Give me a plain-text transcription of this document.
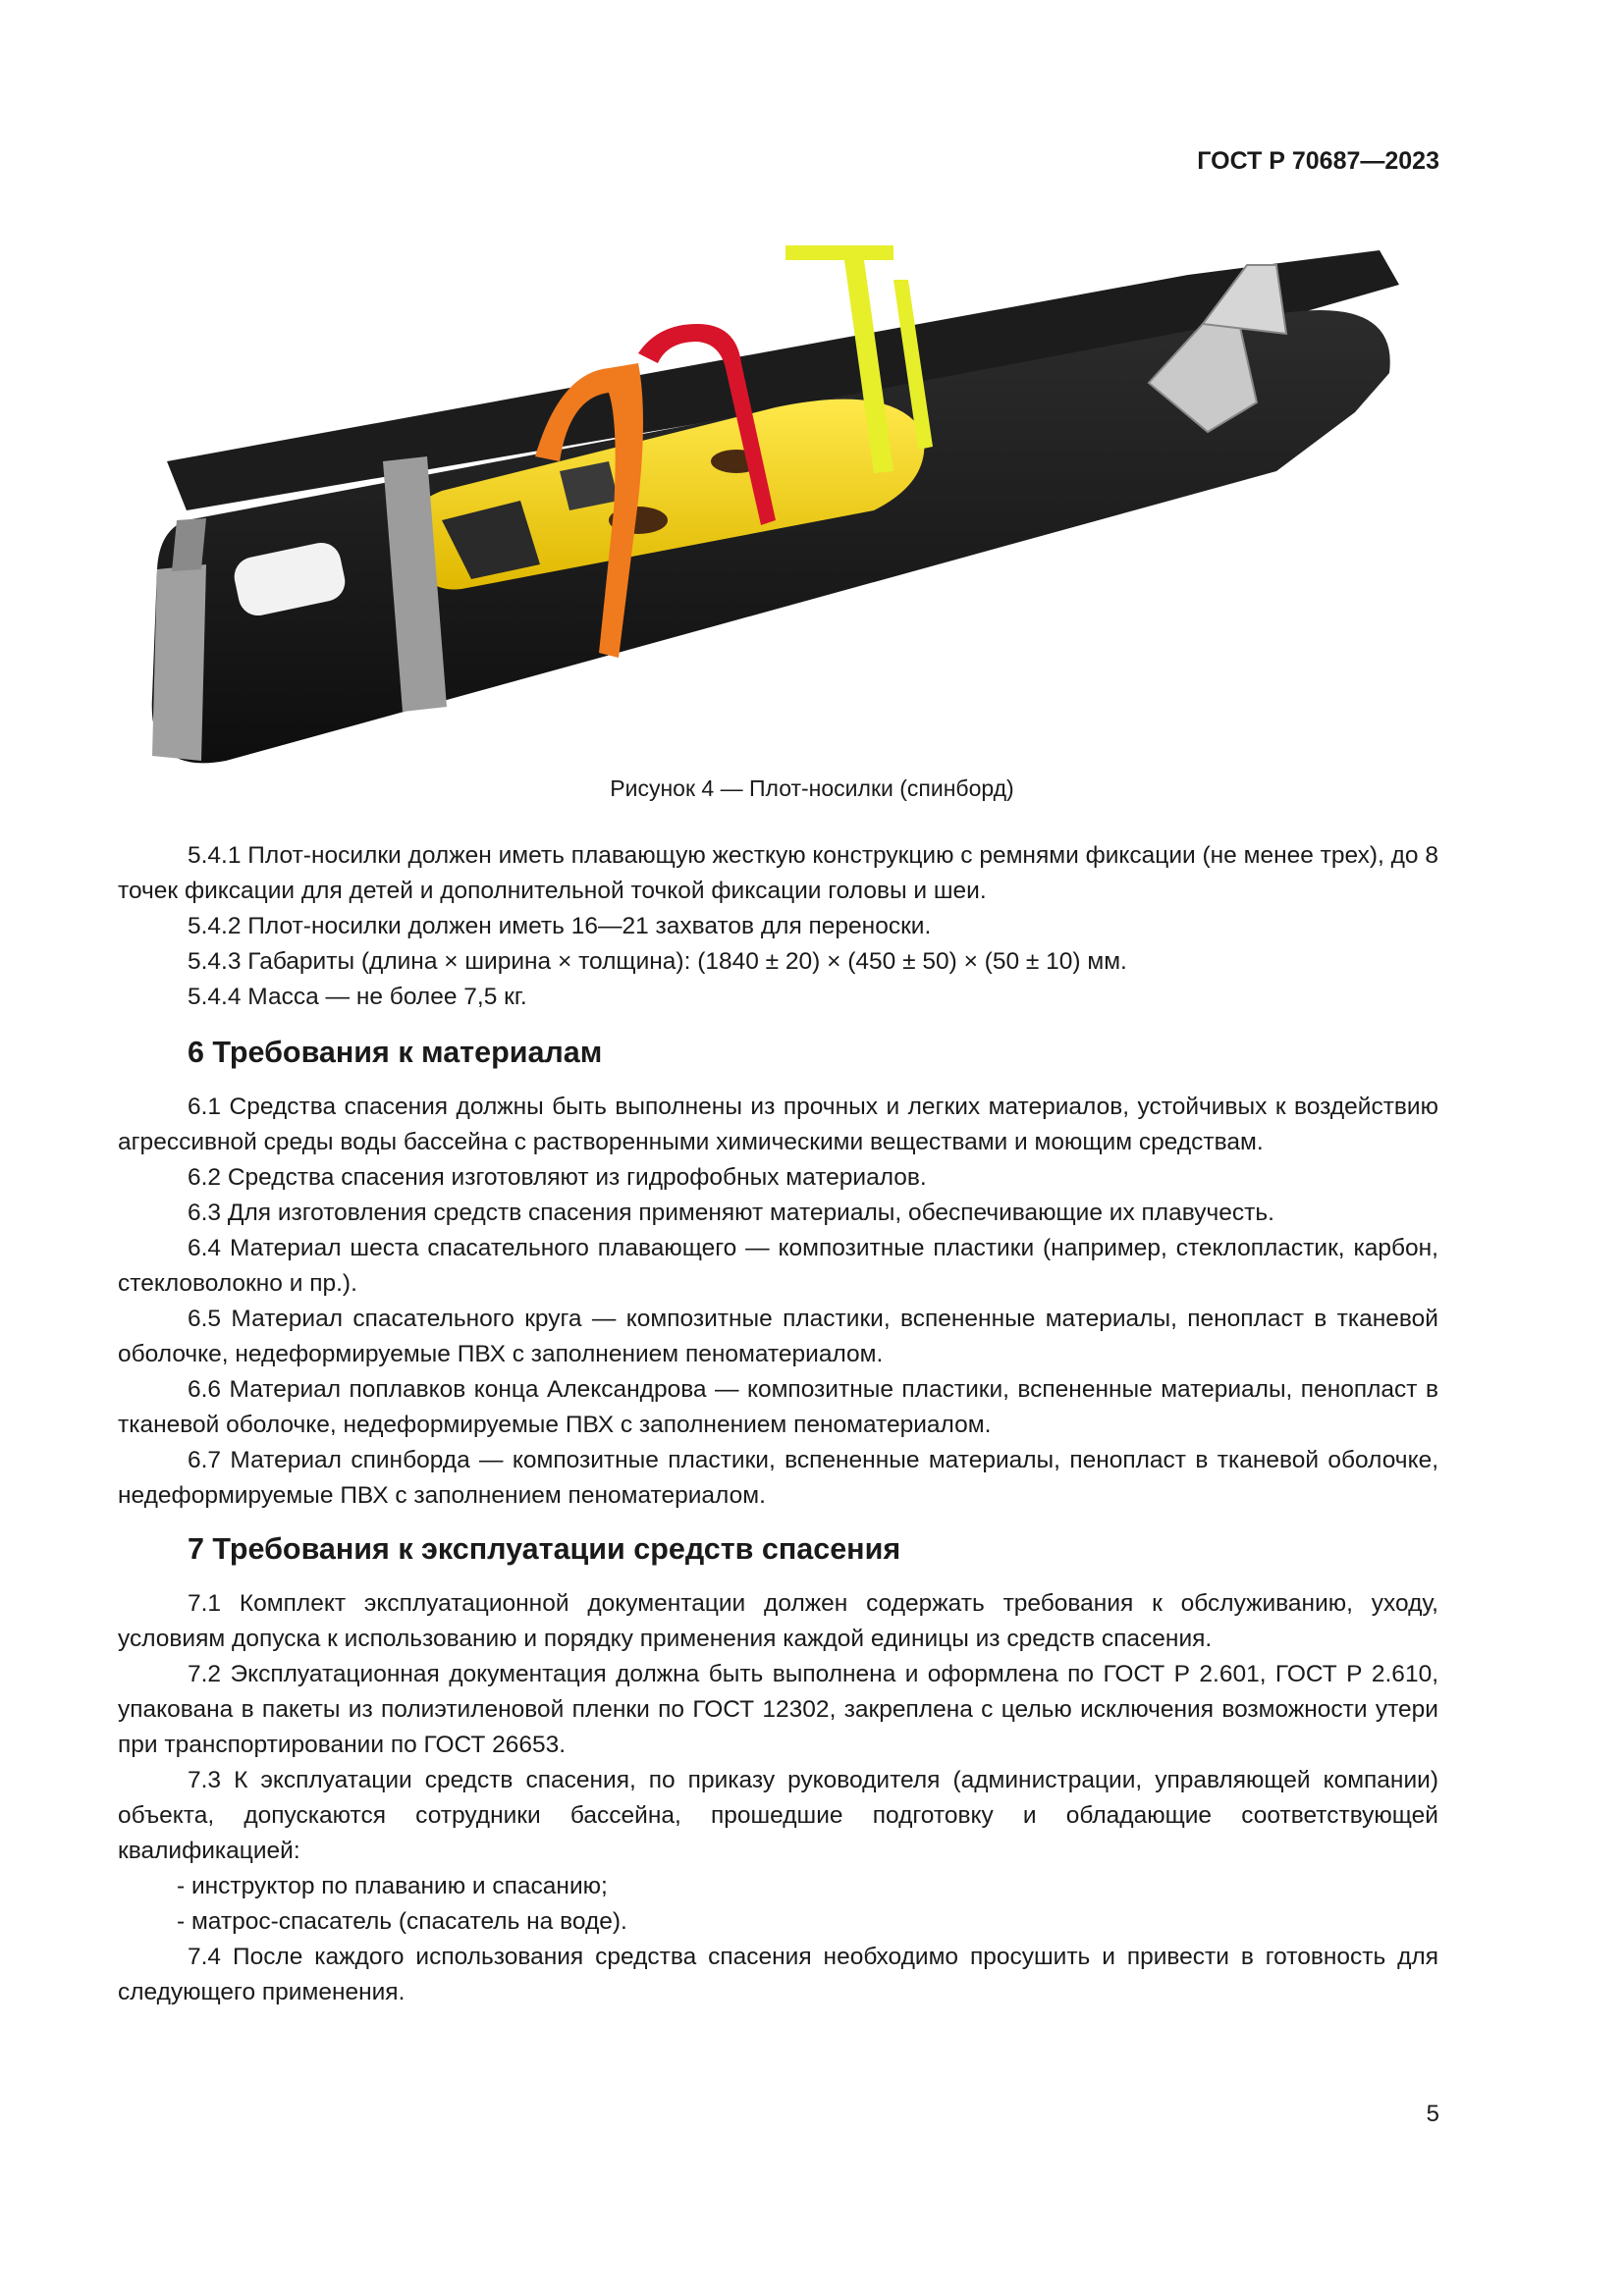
ГОСТ Р 70687—2023
Рисунок 4 — Плот-носилки (спинборд)

5.4.1 Плот-носилки должен иметь плавающую жесткую конструкцию с ремнями фиксации (не менее трех), до 8 точек фиксации для детей и дополнительной точкой фиксации головы и шеи.

5.4.2 Плот-носилки должен иметь 16—21 захватов для переноски.

5.4.3 Габариты (длина × ширина × толщина): (1840 ± 20) × (450 ± 50) × (50 ± 10) мм.

5.4.4 Масса — не более 7,5 кг.

6 Требования к материалам

6.1 Средства спасения должны быть выполнены из прочных и легких материалов, устойчивых к воздействию агрессивной среды воды бассейна с растворенными химическими веществами и моющим средствам.

6.2 Средства спасения изготовляют из гидрофобных материалов.

6.3 Для изготовления средств спасения применяют материалы, обеспечивающие их плавучесть.

6.4 Материал шеста спасательного плавающего — композитные пластики (например, стеклопластик, карбон, стекловолокно и пр.).

6.5 Материал спасательного круга — композитные пластики, вспененные материалы, пенопласт в тканевой оболочке, недеформируемые ПВХ с заполнением пеноматериалом.

6.6 Материал поплавков конца Александрова — композитные пластики, вспененные материалы, пенопласт в тканевой оболочке, недеформируемые ПВХ с заполнением пеноматериалом.

6.7 Материал спинборда — композитные пластики, вспененные материалы, пенопласт в тканевой оболочке, недеформируемые ПВХ с заполнением пеноматериалом.

7 Требования к эксплуатации средств спасения

7.1 Комплект эксплуатационной документации должен содержать требования к обслуживанию, уходу, условиям допуска к использованию и порядку применения каждой единицы из средств спасения.

7.2 Эксплуатационная документация должна быть выполнена и оформлена по ГОСТ Р 2.601, ГОСТ Р 2.610, упакована в пакеты из полиэтиленовой пленки по ГОСТ 12302, закреплена с целью исключения возможности утери при транспортировании по ГОСТ 26653.

7.3 К эксплуатации средств спасения, по приказу руководителя (администрации, управляющей компании) объекта, допускаются сотрудники бассейна, прошедшие подготовку и обладающие соответствующей квалификацией:

- инструктор по плаванию и спасанию;

- матрос-спасатель (спасатель на воде).

7.4 После каждого использования средства спасения необходимо просушить и привести в готовность для следующего применения.

5
